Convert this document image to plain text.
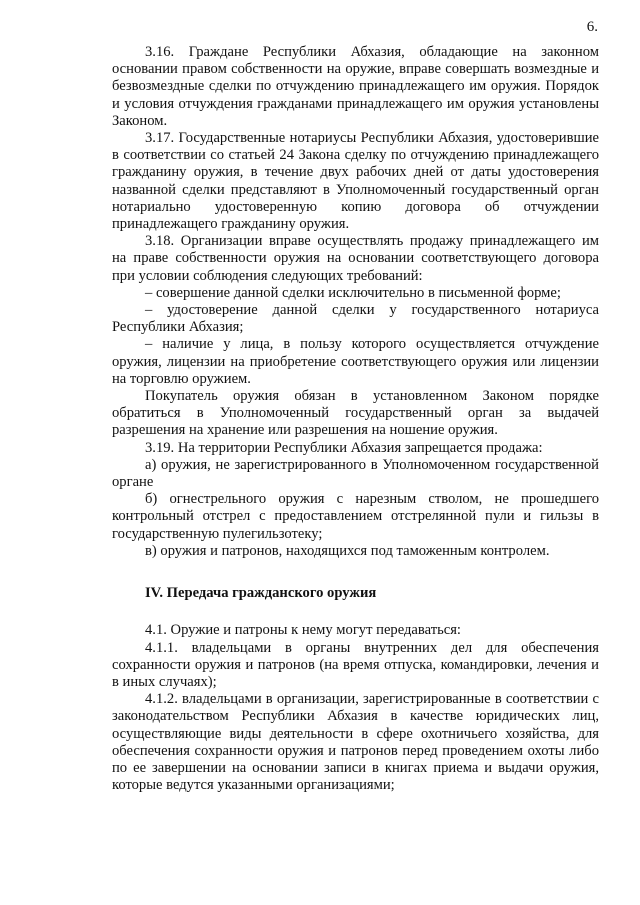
6.

3.16. Граждане Республики Абхазия, обладающие на законном основании правом собственности на оружие, вправе совершать возмездные и безвозмездные сделки по отчуждению принадлежащего им оружия. Порядок и условия отчуждения гражданами принадлежащего им оружия установлены Законом.

3.17. Государственные нотариусы Республики Абхазия, удостоверившие в соответствии со статьей 24 Закона сделку по отчуждению принадлежащего гражданину оружия, в течение двух рабочих дней от даты удостоверения названной сделки представляют в Уполномоченный государственный орган нотариально удостоверенную копию договора об отчуждении принадлежащего гражданину оружия.

3.18. Организации вправе осуществлять продажу принадлежащего им на праве собственности оружия на основании соответствующего договора при условии соблюдения следующих требований:

– совершение данной сделки исключительно в письменной форме;

– удостоверение данной сделки у государственного нотариуса Республики Абхазия;

– наличие у лица, в пользу которого осуществляется отчуждение оружия, лицензии на приобретение соответствующего оружия или лицензии на торговлю оружием.

Покупатель оружия обязан в установленном Законом порядке обратиться в Уполномоченный государственный орган за выдачей разрешения на хранение или разрешения на ношение оружия.

3.19. На территории Республики Абхазия запрещается продажа:

а) оружия, не зарегистрированного в Уполномоченном государственной органе

б) огнестрельного оружия с нарезным стволом, не прошедшего контрольный отстрел с предоставлением отстрелянной пули и гильзы в государственную пулегильзотеку;

в) оружия и патронов, находящихся под таможенным контролем.

IV. Передача гражданского оружия

4.1. Оружие и патроны к нему могут передаваться:

4.1.1. владельцами в органы внутренних дел для обеспечения сохранности оружия и патронов (на время отпуска, командировки, лечения и в иных случаях);

4.1.2. владельцами в организации, зарегистрированные в соответствии с законодательством Республики Абхазия в качестве юридических лиц, осуществляющие виды деятельности в сфере охотничьего хозяйства, для обеспечения сохранности оружия и патронов перед проведением охоты либо по ее завершении на основании записи в книгах приема и выдачи оружия, которые ведутся указанными организациями;
